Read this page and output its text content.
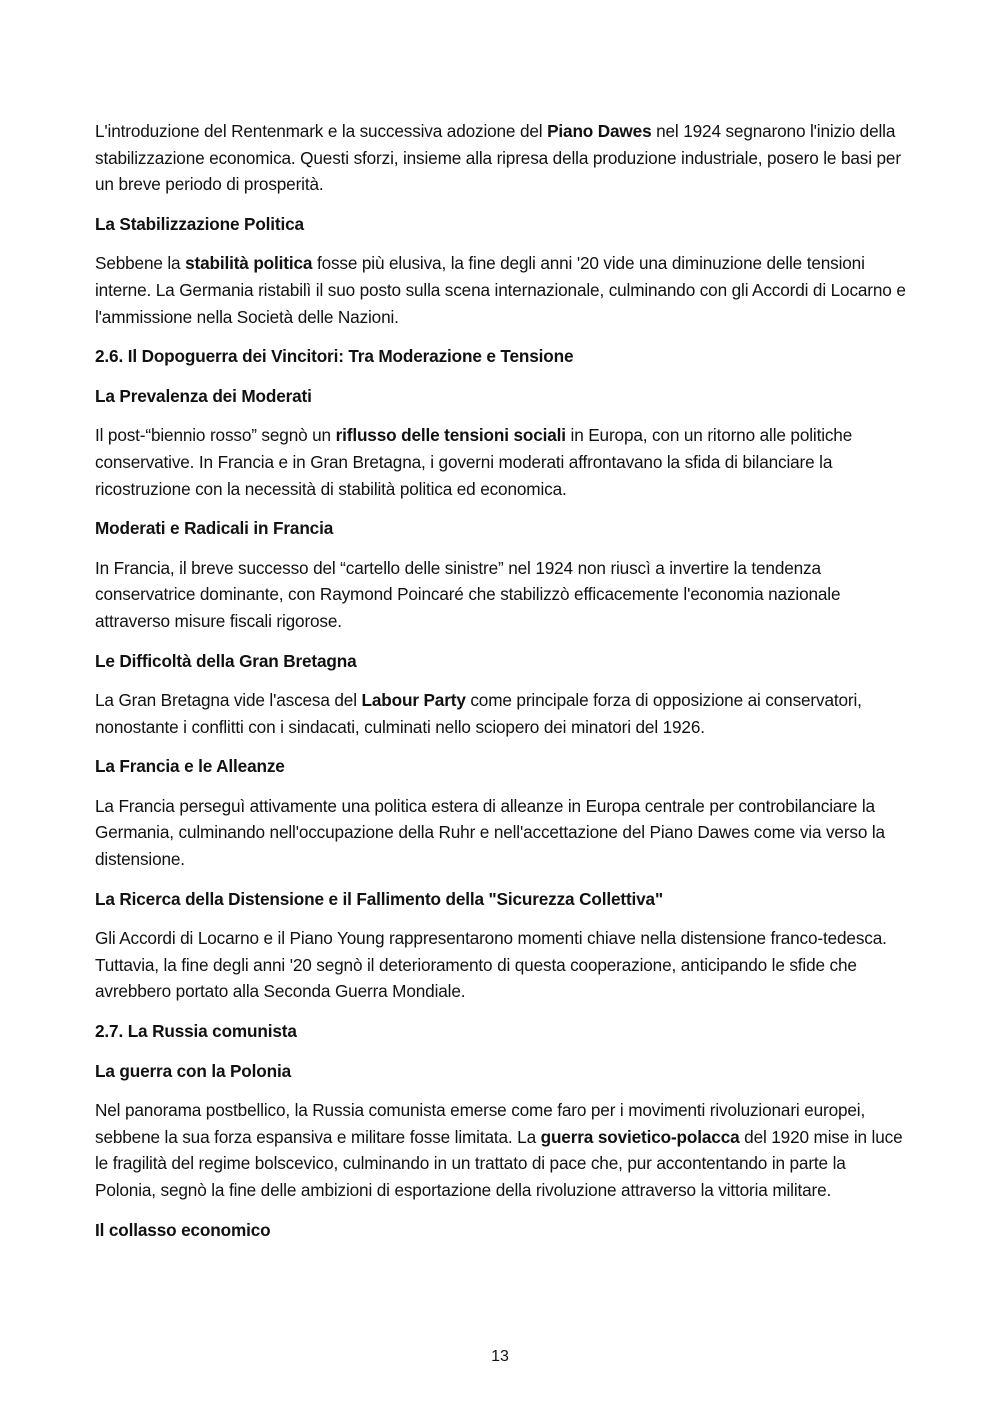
L'introduzione del Rentenmark e la successiva adozione del Piano Dawes nel 1924 segnarono l'inizio della stabilizzazione economica. Questi sforzi, insieme alla ripresa della produzione industriale, posero le basi per un breve periodo di prosperità.

La Stabilizzazione Politica

Sebbene la stabilità politica fosse più elusiva, la fine degli anni '20 vide una diminuzione delle tensioni interne. La Germania ristabilì il suo posto sulla scena internazionale, culminando con gli Accordi di Locarno e l'ammissione nella Società delle Nazioni.

2.6. Il Dopoguerra dei Vincitori: Tra Moderazione e Tensione
La Prevalenza dei Moderati

Il post-“biennio rosso” segnò un riflusso delle tensioni sociali in Europa, con un ritorno alle politiche conservative. In Francia e in Gran Bretagna, i governi moderati affrontavano la sfida di bilanciare la ricostruzione con la necessità di stabilità politica ed economica.

Moderati e Radicali in Francia

In Francia, il breve successo del “cartello delle sinistre” nel 1924 non riuscì a invertire la tendenza conservatrice dominante, con Raymond Poincaré che stabilizzò efficacemente l'economia nazionale attraverso misure fiscali rigorose.

Le Difficoltà della Gran Bretagna

La Gran Bretagna vide l'ascesa del Labour Party come principale forza di opposizione ai conservatori, nonostante i conflitti con i sindacati, culminati nello sciopero dei minatori del 1926.

La Francia e le Alleanze

La Francia perseguì attivamente una politica estera di alleanze in Europa centrale per controbilanciare la Germania, culminando nell'occupazione della Ruhr e nell'accettazione del Piano Dawes come via verso la distensione.

La Ricerca della Distensione e il Fallimento della "Sicurezza Collettiva"

Gli Accordi di Locarno e il Piano Young rappresentarono momenti chiave nella distensione franco-tedesca. Tuttavia, la fine degli anni '20 segnò il deterioramento di questa cooperazione, anticipando le sfide che avrebbero portato alla Seconda Guerra Mondiale.

2.7. La Russia comunista
La guerra con la Polonia

Nel panorama postbellico, la Russia comunista emerse come faro per i movimenti rivoluzionari europei, sebbene la sua forza espansiva e militare fosse limitata. La guerra sovietico-polacca del 1920 mise in luce le fragilità del regime bolscevico, culminando in un trattato di pace che, pur accontentando in parte la Polonia, segnò la fine delle ambizioni di esportazione della rivoluzione attraverso la vittoria militare.

Il collasso economico
13
